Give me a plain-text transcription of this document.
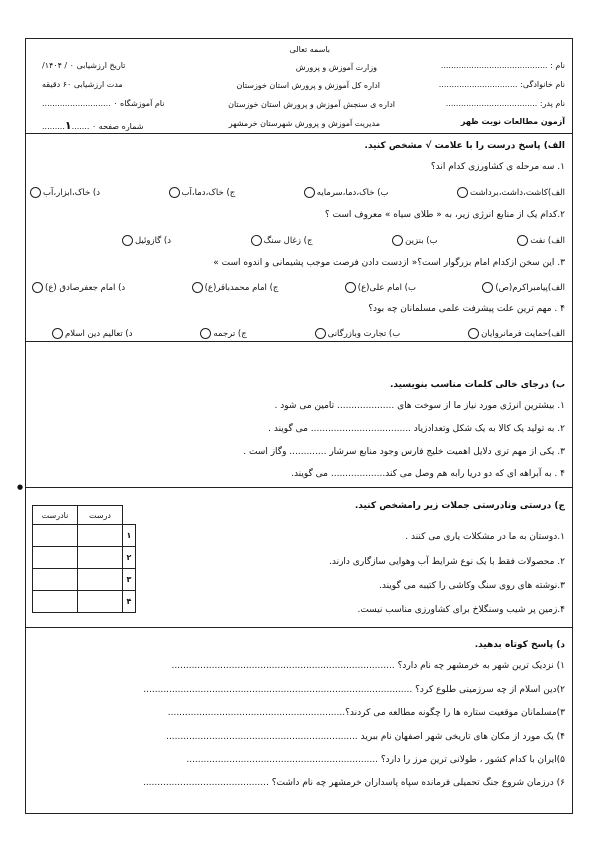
باسمه تعالی
وزارت آموزش و پرورش
اداره کل آموزش و پرورش استان خوزستان
اداره ی سنجش آموزش و پرورش استان خوزستان
مدیریت آموزش و پرورش شهرستان خرمشهر
نام : ..........................................
نام خانوادگی: ...............................
نام پدر: ....................................
آزمون مطالعات نوبت ظهر
تاریخ ارزشیابی ۰ / ۱۴۰۴/
مدت ارزشیابی ۶۰ دقیقه
نام آموزشگاه ۰ ...........................
شماره صفحه ۰ .......۱.........
الف) پاسخ درست را با علامت √ مشخص کنید.
۱. سه مرحله ی کشاورزی کدام اند؟
الف)کاشت،داشت،برداشت
ب) خاک،دما،سرمایه
ج) خاک،دما،آب
د) خاک،ابزار،آب
۲.کدام یک از منابع انرژی زیر، به « طلای سیاه » معروف است ؟
الف) نفت
ب) بنزین
ج) زغال سنگ
د) گازوئیل
۳. این سخن ازکدام امام بزرگوار است؟« ازدست دادن فرصت موجب پشیمانی و اندوه است »
الف)پیامبراکرم(ص)
ب) امام علی(ع)
ج) امام محمدباقر(ع)
د) امام جعفرصادق (ع)
۴ . مهم ترین علت پیشرفت علمی مسلمانان چه بود؟
الف)حمایت فرمانروایان
ب) تجارت وبازرگانی
ج) ترجمه
د) تعالیم دین اسلام
ب) درجای خالی کلمات مناسب بنویسید.
۱. بیشترین انرژی مورد نیاز ما از سوخت های .................... تامین می شود .
۲. به تولید یک کالا به یک شکل وتعدادزیاد ................................... می گویند .
۳. یکی از مهم تری دلایل اهمیت خلیج فارس وجود منابع سرشار ............. وگاز است .
۴ . به آبراهه ای که دو دریا رابه هم وصل می کند................... می گویند.
●
ج) درستی ونادرستی جملات زیر رامشخص کنید.
۱.دوستان به ما در مشکلات یاری می کنند .
۲. محصولات فقط با یک نوع شرایط آب وهوایی سازگاری دارند.
۳.نوشته های روی سنگ وکاشی را کتیبه می گویند.
۴.زمین پر شیب وسنگلاخ برای کشاورزی مناسب نیست.
	درست	نادرست
۱		
۲		
۳		
۴		
د) پاسخ کوتاه بدهید.
۱) نزدیک ترین شهر به خرمشهر چه نام دارد؟ ..............................................................................
۲)دین اسلام از چه سرزمینی طلوع کرد؟ ..............................................................................................
۳)مسلمانان موقعیت ستاره ها را چگونه مطالعه می کردند؟..............................................................
۴) یک مورد از مکان های تاریخی شهر اصفهان نام ببرید ...................................................................
۵)ایران با کدام کشور ، طولانی ترین مرز را دارد؟ ...................................................................
۶) درزمان شروع جنگ تحمیلی فرمانده سپاه پاسداران خرمشهر چه نام داشت؟ ............................................
